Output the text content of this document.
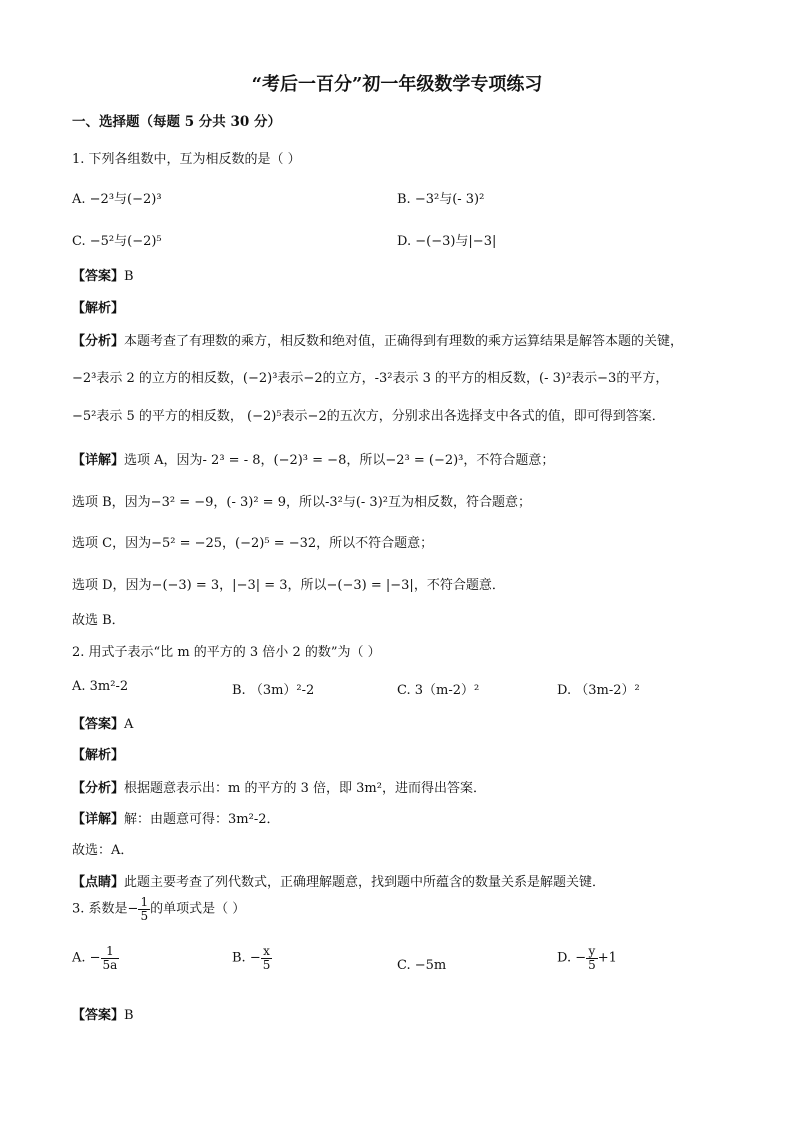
“考后一百分”初一年级数学专项练习
一、选择题（每题 5 分共 30 分）
1. 下列各组数中，互为相反数的是（ ）
A. −2³与(−2)³	B. −3²与(- 3)²
C. −5²与(−2)⁵	D. −(−3)与|−3|
【答案】B
【解析】
【分析】本题考查了有理数的乘方，相反数和绝对值，正确得到有理数的乘方运算结果是解答本题的关键，
−2³表示 2 的立方的相反数，(−2)³表示−2的立方，-3²表示 3 的平方的相反数，(- 3)²表示−3的平方，
−5²表示 5 的平方的相反数， (−2)⁵表示−2的五次方，分别求出各选择支中各式的值，即可得到答案．
【详解】选项 A，因为- 2³ = - 8，(−2)³ = −8，所以−2³ = (−2)³，不符合题意；
选项 B，因为−3² = −9，(- 3)² = 9，所以-3²与(- 3)²互为相反数，符合题意；
选项 C，因为−5² = −25，(−2)⁵ = −32，所以不符合题意；
选项 D，因为−(−3) = 3，|−3| = 3，所以−(−3) = |−3|，不符合题意．
故选 B．
2. 用式子表示“比 m 的平方的 3 倍小 2 的数”为（ ）
A. 3m²-2	B. （3m）²-2	C. 3（m-2）²	D. （3m-2）²
【答案】A
【解析】
【分析】根据题意表示出：m 的平方的 3 倍，即 3m²，进而得出答案．
【详解】解：由题意可得：3m²-2．
故选：A．
【点睛】此题主要考查了列代数式，正确理解题意，找到题中所蕴含的数量关系是解题关键．
3. 系数是− $\frac{1}{5}$ 的单项式是（ ）
A. − $\frac{1}{5a}$	B. − $\frac{x}{5}$	C. −5m	D. − $\frac{y}{5} +1$
【答案】B
